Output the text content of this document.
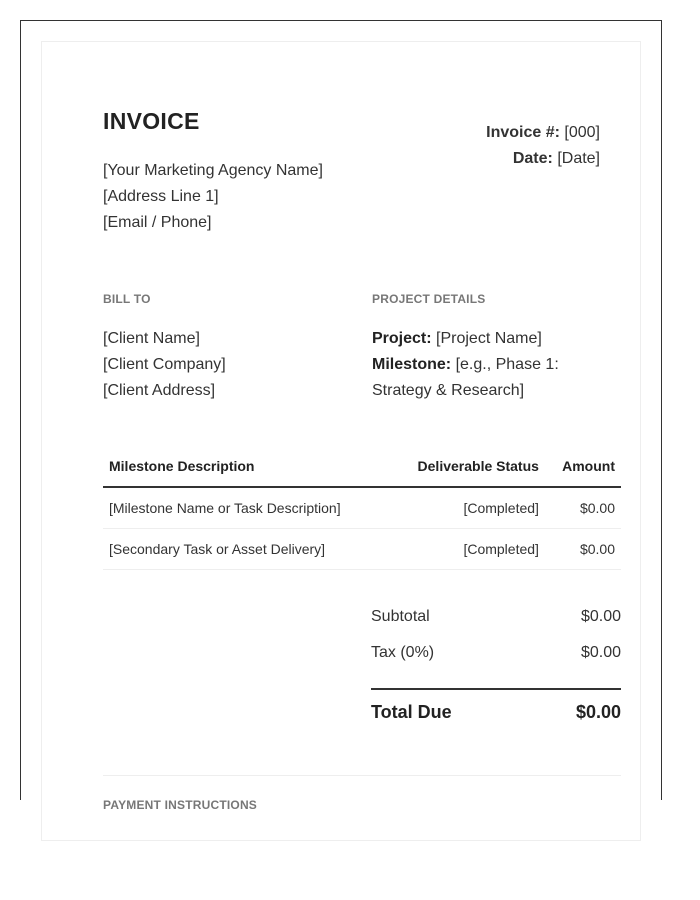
INVOICE	Invoice #: [000]
Date: [Date]
[Your Marketing Agency Name]
[Address Line 1]
[Email / Phone]
BILL TO	PROJECT DETAILS
[Client Name]
[Client Company]
[Client Address]
Project: [Project Name]
Milestone: [e.g., Phase 1: Strategy & Research]
Milestone Description	Deliverable Status	Amount
[Milestone Name or Task Description]	[Completed]	$0.00
[Secondary Task or Asset Delivery]	[Completed]	$0.00
Subtotal	$0.00
Tax (0%)	$0.00
Total Due	$0.00
PAYMENT INSTRUCTIONS
